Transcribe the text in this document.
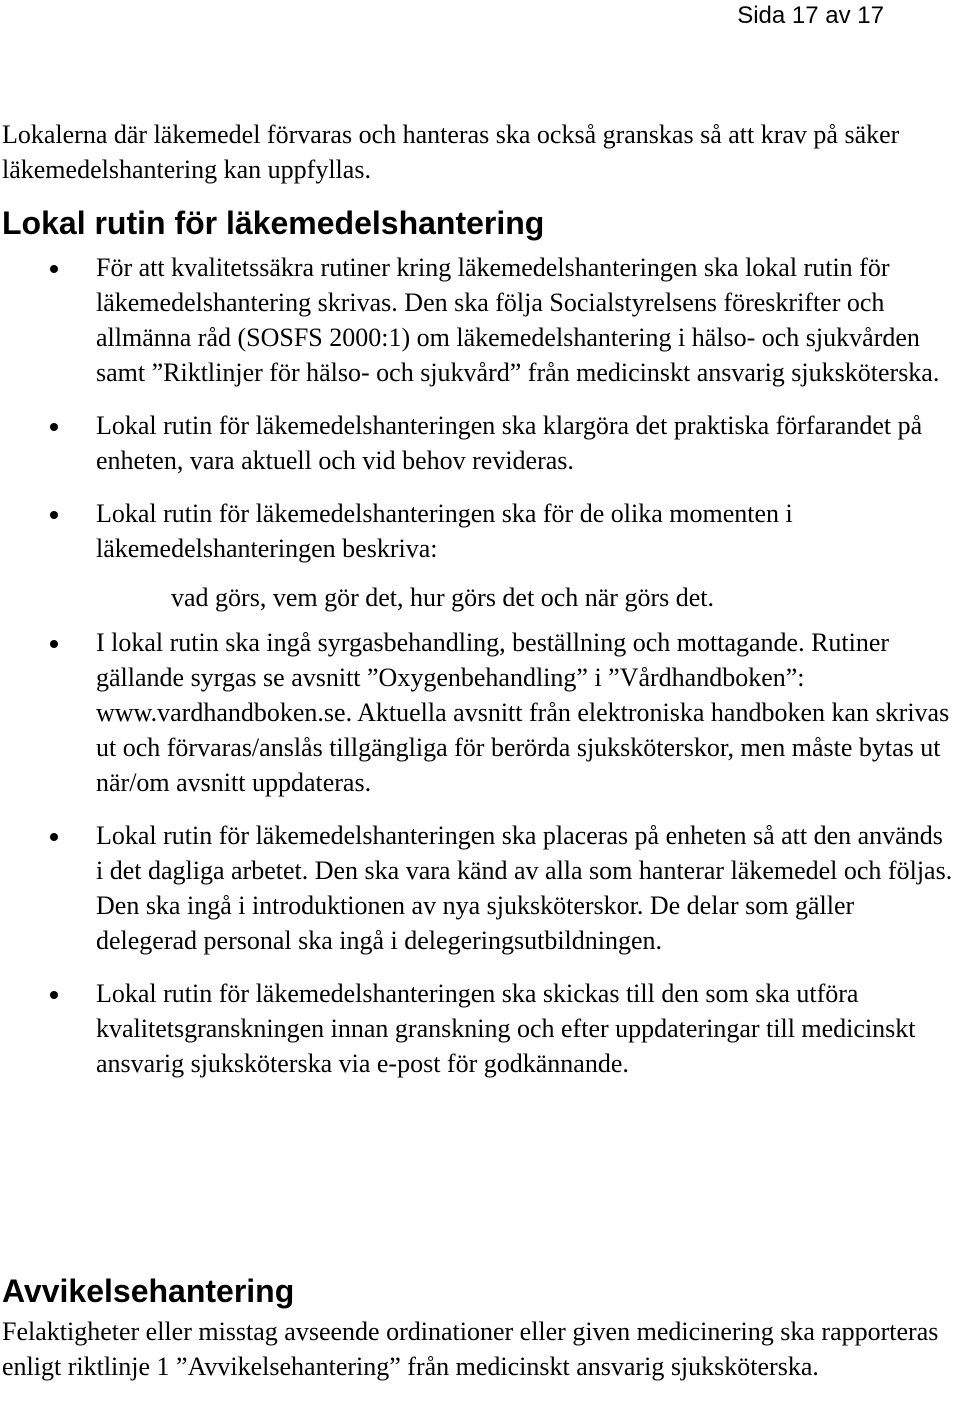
Sida 17 av 17

Lokalerna där läkemedel förvaras och hanteras ska också granskas så att krav på säker läkemedelshantering kan uppfyllas.

Lokal rutin för läkemedelshantering
För att kvalitetssäkra rutiner kring läkemedelshanteringen ska lokal rutin för läkemedelshantering skrivas. Den ska följa Socialstyrelsens föreskrifter och allmänna råd (SOSFS 2000:1) om läkemedelshantering i hälso- och sjukvården samt ”Riktlinjer för hälso- och sjukvård” från medicinskt ansvarig sjuksköterska.
Lokal rutin för läkemedelshanteringen ska klargöra det praktiska förfarandet på enheten, vara aktuell och vid behov revideras.
Lokal rutin för läkemedelshanteringen ska för de olika momenten i läkemedelshanteringen beskriva:
vad görs, vem gör det, hur görs det och när görs det.
I lokal rutin ska ingå syrgasbehandling, beställning och mottagande. Rutiner gällande syrgas se avsnitt ”Oxygenbehandling” i ”Vårdhandboken”: www.vardhandboken.se. Aktuella avsnitt från elektroniska handboken kan skrivas ut och förvaras/anslås tillgängliga för berörda sjuksköterskor, men måste bytas ut när/om avsnitt uppdateras.
Lokal rutin för läkemedelshanteringen ska placeras på enheten så att den används i det dagliga arbetet. Den ska vara känd av alla som hanterar läkemedel och följas. Den ska ingå i introduktionen av nya sjuksköterskor. De delar som gäller delegerad personal ska ingå i delegeringsutbildningen.
Lokal rutin för läkemedelshanteringen ska skickas till den som ska utföra kvalitetsgranskningen innan granskning och efter uppdateringar till medicinskt ansvarig sjuksköterska via e-post för godkännande.
Avvikelsehantering

Felaktigheter eller misstag avseende ordinationer eller given medicinering ska rapporteras enligt riktlinje 1 ”Avvikelsehantering” från medicinskt ansvarig sjuksköterska.
